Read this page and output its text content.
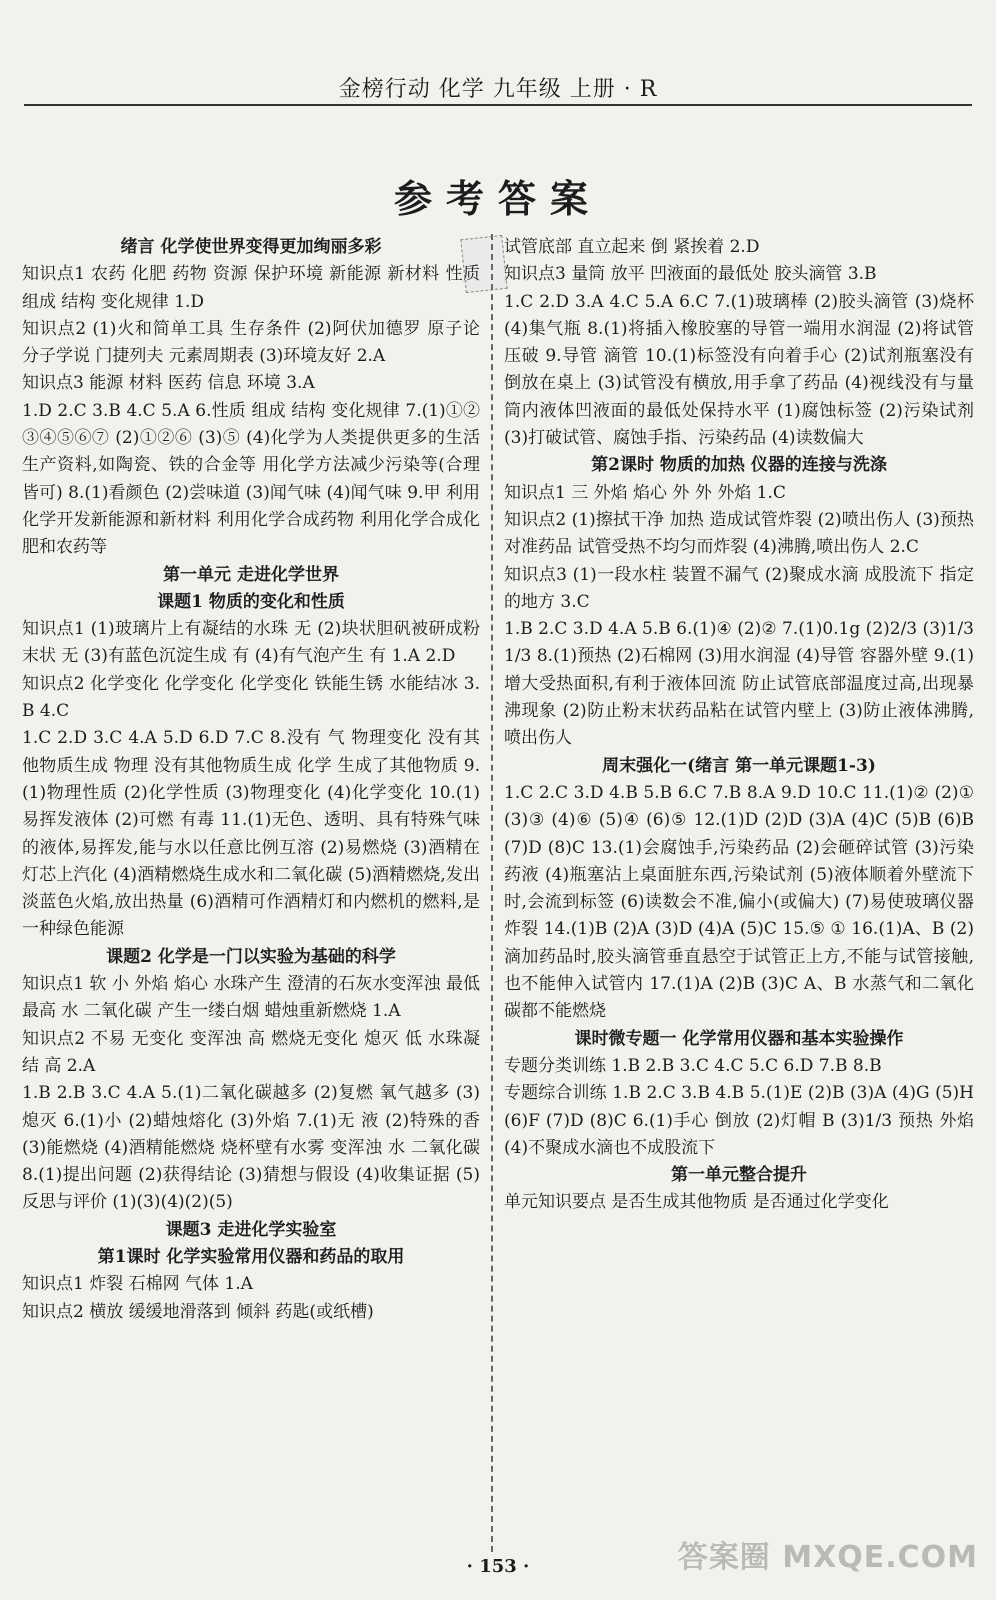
金榜行动 化学 九年级 上册 · R
参考答案

绪言 化学使世界变得更加绚丽多彩

知识点1 农药 化肥 药物 资源 保护环境 新能源 新材料 性质 组成 结构 变化规律 1.D

知识点2 (1)火和简单工具 生存条件 (2)阿伏加德罗 原子论 分子学说 门捷列夫 元素周期表 (3)环境友好 2.A

知识点3 能源 材料 医药 信息 环境 3.A

1.D 2.C 3.B 4.C 5.A 6.性质 组成 结构 变化规律 7.(1)①②③④⑤⑥⑦ (2)①②⑥ (3)⑤ (4)化学为人类提供更多的生活生产资料,如陶瓷、铁的合金等 用化学方法减少污染等(合理皆可) 8.(1)看颜色 (2)尝味道 (3)闻气味 (4)闻气味 9.甲 利用化学开发新能源和新材料 利用化学合成药物 利用化学合成化肥和农药等

第一单元 走进化学世界

课题1 物质的变化和性质

知识点1 (1)玻璃片上有凝结的水珠 无 (2)块状胆矾被研成粉末状 无 (3)有蓝色沉淀生成 有 (4)有气泡产生 有 1.A 2.D

知识点2 化学变化 化学变化 化学变化 铁能生锈 水能结冰 3.B 4.C

1.C 2.D 3.C 4.A 5.D 6.D 7.C 8.没有 气 物理变化 没有其他物质生成 物理 没有其他物质生成 化学 生成了其他物质 9.(1)物理性质 (2)化学性质 (3)物理变化 (4)化学变化 10.(1)易挥发液体 (2)可燃 有毒 11.(1)无色、透明、具有特殊气味的液体,易挥发,能与水以任意比例互溶 (2)易燃烧 (3)酒精在灯芯上汽化 (4)酒精燃烧生成水和二氧化碳 (5)酒精燃烧,发出淡蓝色火焰,放出热量 (6)酒精可作酒精灯和内燃机的燃料,是一种绿色能源

课题2 化学是一门以实验为基础的科学

知识点1 软 小 外焰 焰心 水珠产生 澄清的石灰水变浑浊 最低 最高 水 二氧化碳 产生一缕白烟 蜡烛重新燃烧 1.A

知识点2 不易 无变化 变浑浊 高 燃烧无变化 熄灭 低 水珠凝结 高 2.A

1.B 2.B 3.C 4.A 5.(1)二氧化碳越多 (2)复燃 氧气越多 (3)熄灭 6.(1)小 (2)蜡烛熔化 (3)外焰 7.(1)无 液 (2)特殊的香 (3)能燃烧 (4)酒精能燃烧 烧杯壁有水雾 变浑浊 水 二氧化碳 8.(1)提出问题 (2)获得结论 (3)猜想与假设 (4)收集证据 (5)反思与评价 (1)(3)(4)(2)(5)

课题3 走进化学实验室

第1课时 化学实验常用仪器和药品的取用

知识点1 炸裂 石棉网 气体 1.A

知识点2 横放 缓缓地滑落到 倾斜 药匙(或纸槽)

试管底部 直立起来 倒 紧挨着 2.D

知识点3 量筒 放平 凹液面的最低处 胶头滴管 3.B

1.C 2.D 3.A 4.C 5.A 6.C 7.(1)玻璃棒 (2)胶头滴管 (3)烧杯 (4)集气瓶 8.(1)将插入橡胶塞的导管一端用水润湿 (2)将试管压破 9.导管 滴管 10.(1)标签没有向着手心 (2)试剂瓶塞没有倒放在桌上 (3)试管没有横放,用手拿了药品 (4)视线没有与量筒内液体凹液面的最低处保持水平 (1)腐蚀标签 (2)污染试剂 (3)打破试管、腐蚀手指、污染药品 (4)读数偏大

第2课时 物质的加热 仪器的连接与洗涤

知识点1 三 外焰 焰心 外 外 外焰 1.C

知识点2 (1)擦拭干净 加热 造成试管炸裂 (2)喷出伤人 (3)预热 对准药品 试管受热不均匀而炸裂 (4)沸腾,喷出伤人 2.C

知识点3 (1)一段水柱 装置不漏气 (2)聚成水滴 成股流下 指定的地方 3.C

1.B 2.C 3.D 4.A 5.B 6.(1)④ (2)② 7.(1)0.1g (2)2/3 (3)1/3 1/3 8.(1)预热 (2)石棉网 (3)用水润湿 (4)导管 容器外壁 9.(1)增大受热面积,有利于液体回流 防止试管底部温度过高,出现暴沸现象 (2)防止粉末状药品粘在试管内壁上 (3)防止液体沸腾,喷出伤人

周末强化一(绪言 第一单元课题1-3)

1.C 2.C 3.D 4.B 5.B 6.C 7.B 8.A 9.D 10.C 11.(1)② (2)① (3)③ (4)⑥ (5)④ (6)⑤ 12.(1)D (2)D (3)A (4)C (5)B (6)B (7)D (8)C 13.(1)会腐蚀手,污染药品 (2)会砸碎试管 (3)污染药液 (4)瓶塞沾上桌面脏东西,污染试剂 (5)液体顺着外壁流下时,会流到标签 (6)读数会不准,偏小(或偏大) (7)易使玻璃仪器炸裂 14.(1)B (2)A (3)D (4)A (5)C 15.⑤ ① 16.(1)A、B (2)滴加药品时,胶头滴管垂直悬空于试管正上方,不能与试管接触,也不能伸入试管内 17.(1)A (2)B (3)C A、B 水蒸气和二氧化碳都不能燃烧

课时微专题一 化学常用仪器和基本实验操作

专题分类训练 1.B 2.B 3.C 4.C 5.C 6.D 7.B 8.B

专题综合训练 1.B 2.C 3.B 4.B 5.(1)E (2)B (3)A (4)G (5)H (6)F (7)D (8)C 6.(1)手心 倒放 (2)灯帽 B (3)1/3 预热 外焰 (4)不聚成水滴也不成股流下

第一单元整合提升

单元知识要点 是否生成其他物质 是否通过化学变化

· 153 ·	答案圈 MXQE.COM
